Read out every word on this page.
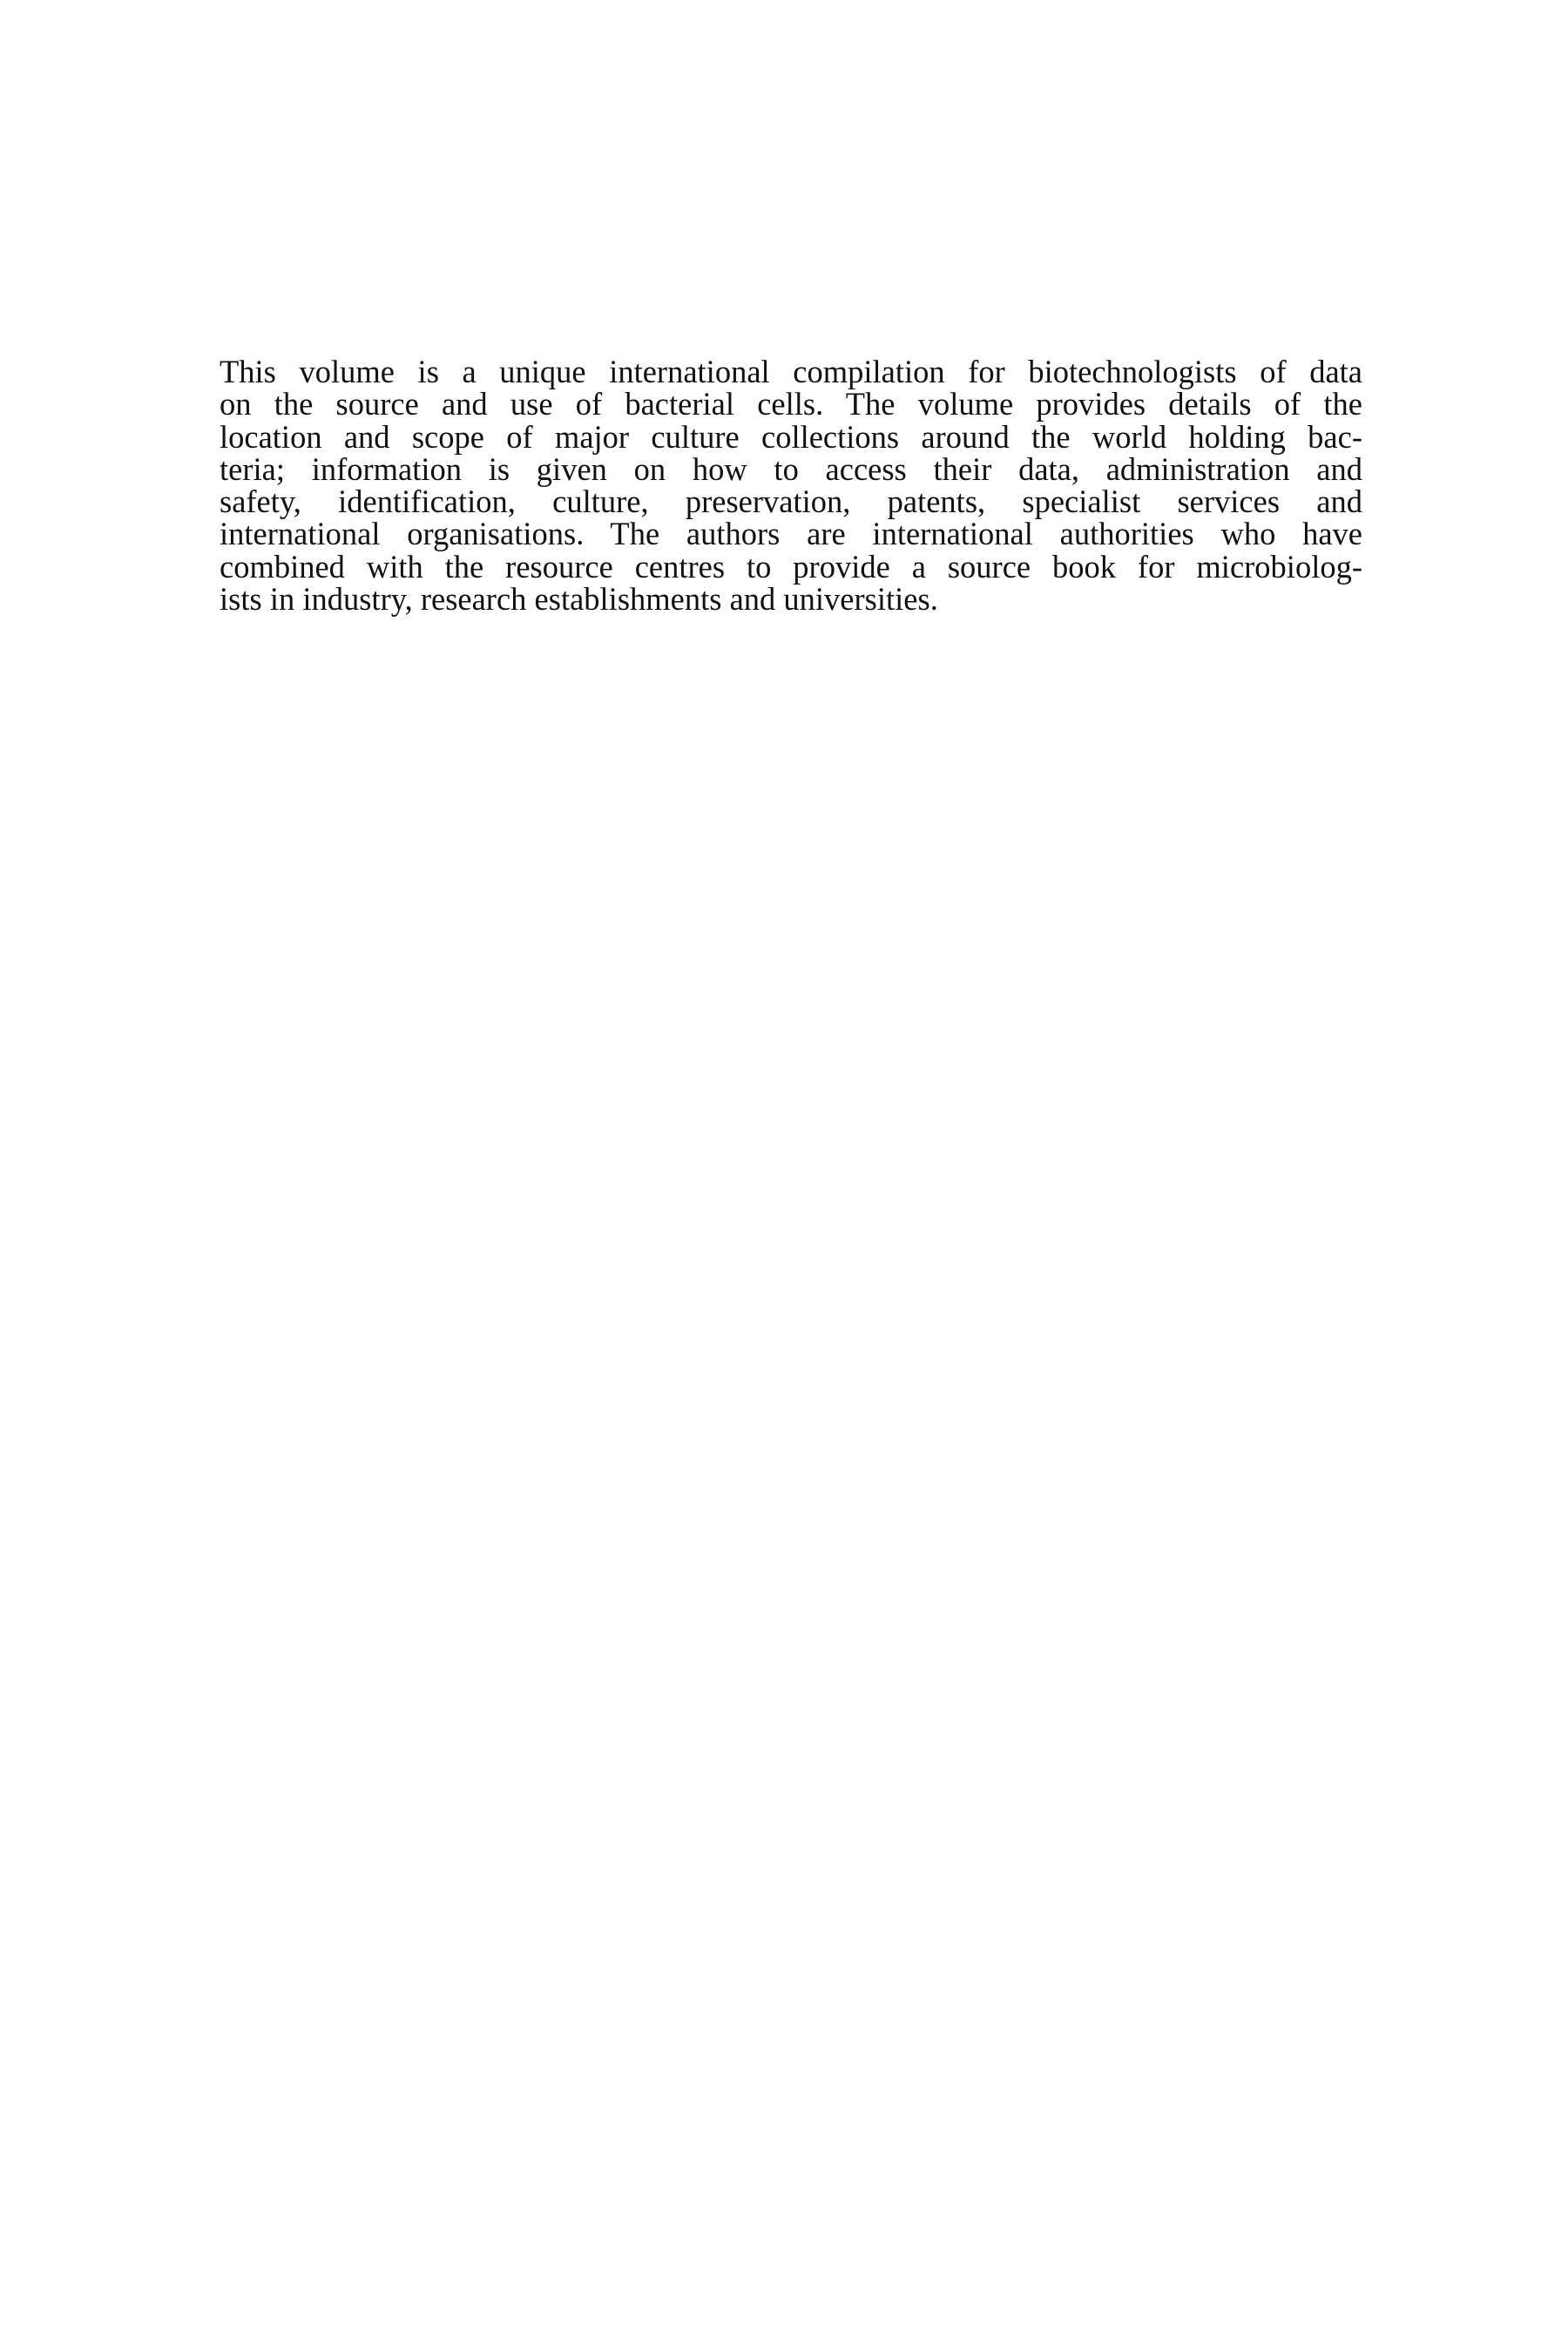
This volume is a unique international compilation for biotechnologists of data
on the source and use of bacterial cells. The volume provides details of the
location and scope of major culture collections around the world holding bac-
teria; information is given on how to access their data, administration and
safety, identification, culture, preservation, patents, specialist services and
international organisations. The authors are international authorities who have
combined with the resource centres to provide a source book for microbiolog-
ists in industry, research establishments and universities.
